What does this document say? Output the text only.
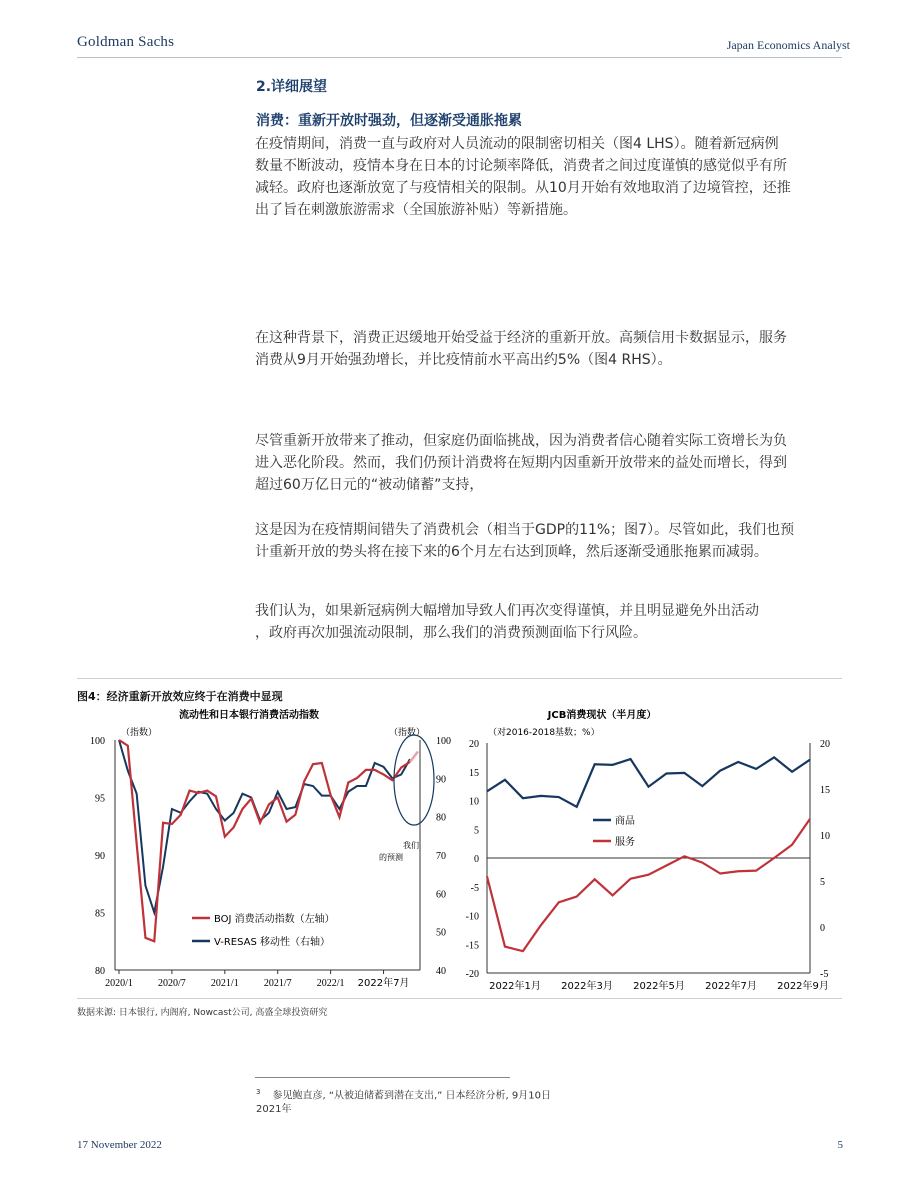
Goldman Sachs	Japan Economics Analyst
2.详细展望
消费：重新开放时强劲，但逐渐受通胀拖累
在疫情期间，消费一直与政府对人员流动的限制密切相关（图4 LHS）。随着新冠病例
数量不断波动，疫情本身在日本的讨论频率降低，消费者之间过度谨慎的感觉似乎有所
减轻。政府也逐渐放宽了与疫情相关的限制。从10月开始有效地取消了边境管控，还推
出了旨在刺激旅游需求（全国旅游补贴）等新措施。
在这种背景下，消费正迟缓地开始受益于经济的重新开放。高频信用卡数据显示，服务
消费从9月开始强劲增长，并比疫情前水平高出约5%（图4 RHS）。
尽管重新开放带来了推动，但家庭仍面临挑战，因为消费者信心随着实际工资增长为负
进入恶化阶段。然而，我们仍预计消费将在短期内因重新开放带来的益处而增长，得到
超过60万亿日元的“被动储蓄”支持，
这是因为在疫情期间错失了消费机会（相当于GDP的11%；图7）。尽管如此，我们也预
计重新开放的势头将在接下来的6个月左右达到顶峰，然后逐渐受通胀拖累而减弱。
我们认为，如果新冠病例大幅增加导致人们再次变得谨慎，并且明显避免外出活动
，政府再次加强流动限制，那么我们的消费预测面临下行风险。
图4：经济重新开放效应终于在消费中显现
流动性和日本银行消费活动指数
（指数）	（指数）
100
95
90
85
80
100
90
80
70
60
50
40
2020/1	2020/7	2021/1	2021/7	2022/1 2022年7月
我们
的预测
BOJ 消费活动指数（左轴）
V-RESAS 移动性（右轴）
JCB消费现状（半月度）
（对2016-2018基数；%）
20
15
10
5
0
-5
-10
-15
-20
20
15
10
5
0
-5
2022年1月 2022年3月 2022年5月 2022年7月 2022年9月
商品
服务
数据来源: 日本银行, 内阁府, Nowcast公司, 高盛全球投资研究
$^3$ 参见鲍直彦, “从被迫储蓄到潜在支出,” 日本经济分析, 9月10日
2021年
17 November 2022	5
